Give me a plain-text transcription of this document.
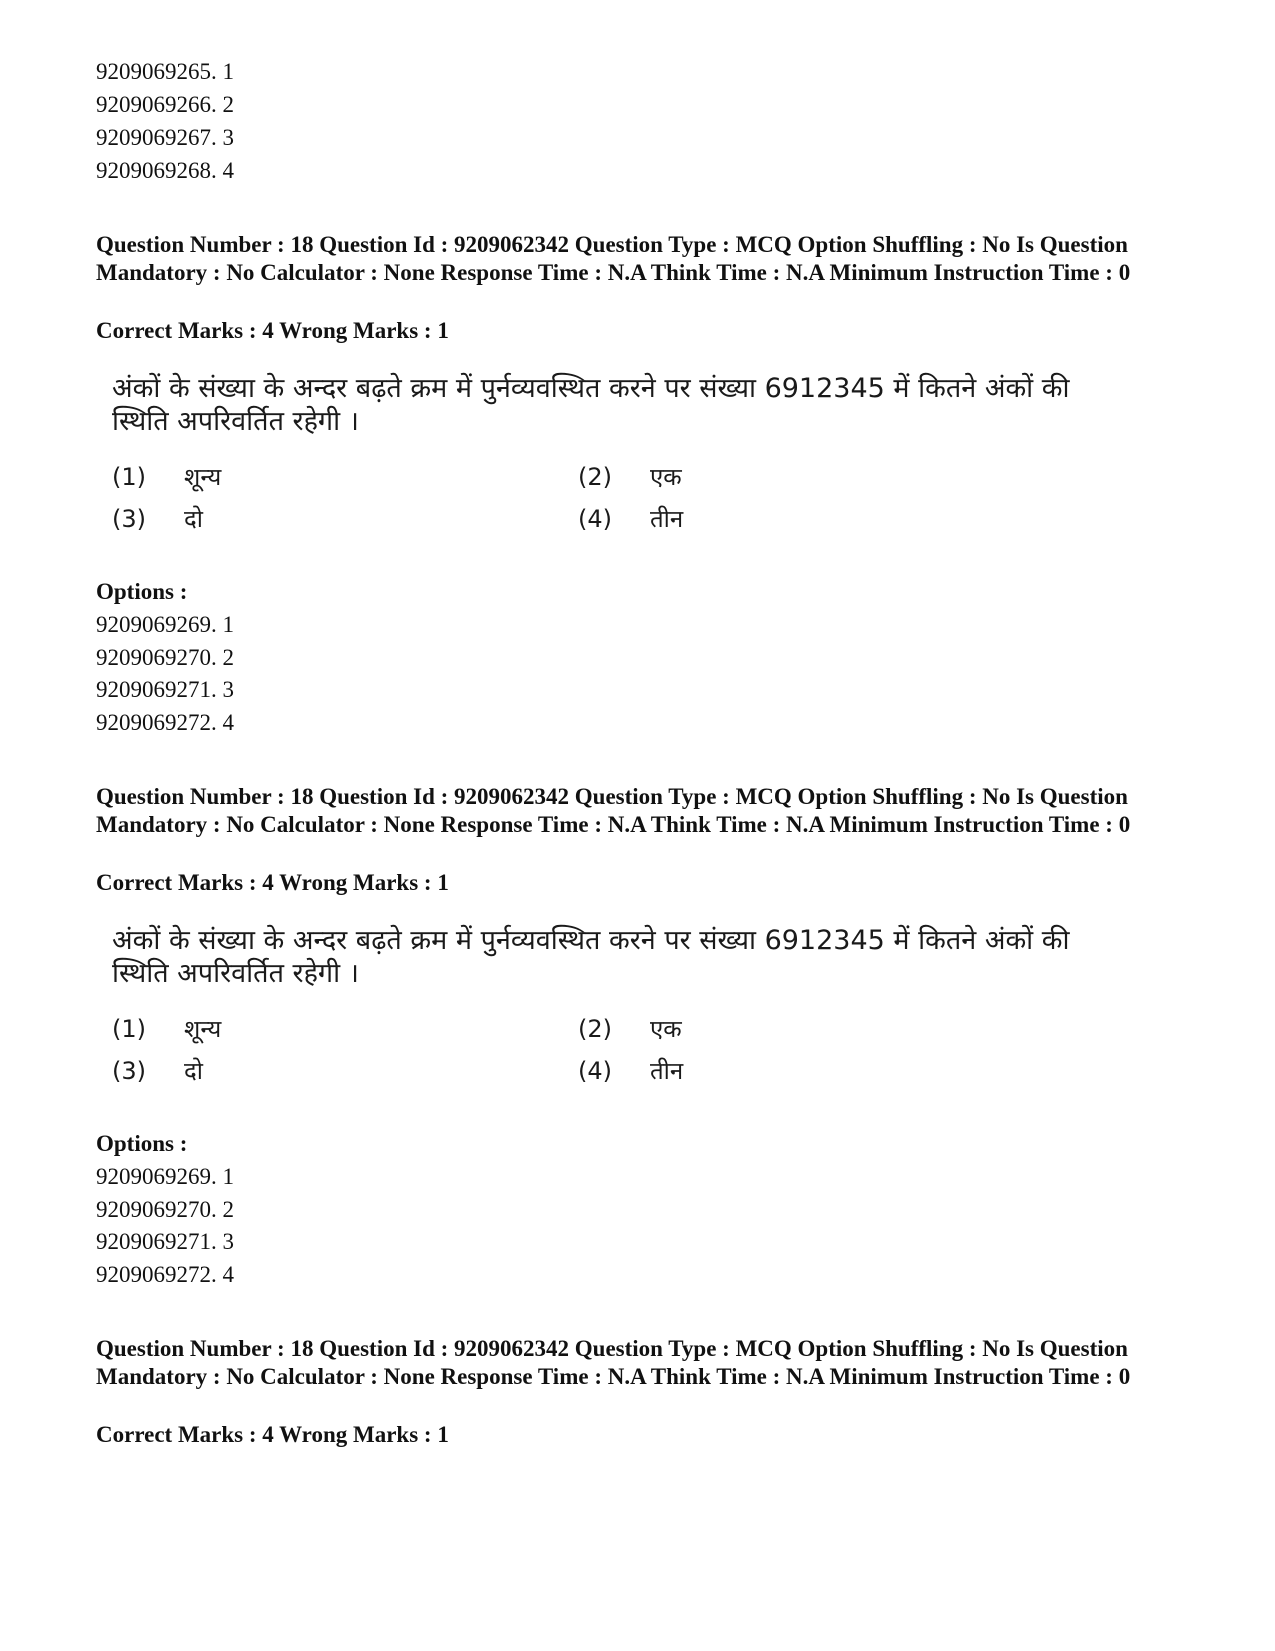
9209069265. 1
9209069266. 2
9209069267. 3
9209069268. 4
Question Number : 18 Question Id : 9209062342 Question Type : MCQ Option Shuffling : No Is Question Mandatory : No Calculator : None Response Time : N.A Think Time : N.A Minimum Instruction Time : 0
Correct Marks : 4 Wrong Marks : 1
अंकों के संख्या के अन्दर बढ़ते क्रम में पुर्नव्यवस्थित करने पर संख्या 6912345 में कितने अंकों की स्थिति अपरिवर्तित रहेगी ।
(1) शून्य	(2) एक
(3) दो	(4) तीन
Options :
9209069269. 1
9209069270. 2
9209069271. 3
9209069272. 4
Question Number : 18 Question Id : 9209062342 Question Type : MCQ Option Shuffling : No Is Question Mandatory : No Calculator : None Response Time : N.A Think Time : N.A Minimum Instruction Time : 0
Correct Marks : 4 Wrong Marks : 1
अंकों के संख्या के अन्दर बढ़ते क्रम में पुर्नव्यवस्थित करने पर संख्या 6912345 में कितने अंकों की स्थिति अपरिवर्तित रहेगी ।
(1) शून्य	(2) एक
(3) दो	(4) तीन
Options :
9209069269. 1
9209069270. 2
9209069271. 3
9209069272. 4
Question Number : 18 Question Id : 9209062342 Question Type : MCQ Option Shuffling : No Is Question Mandatory : No Calculator : None Response Time : N.A Think Time : N.A Minimum Instruction Time : 0
Correct Marks : 4 Wrong Marks : 1
